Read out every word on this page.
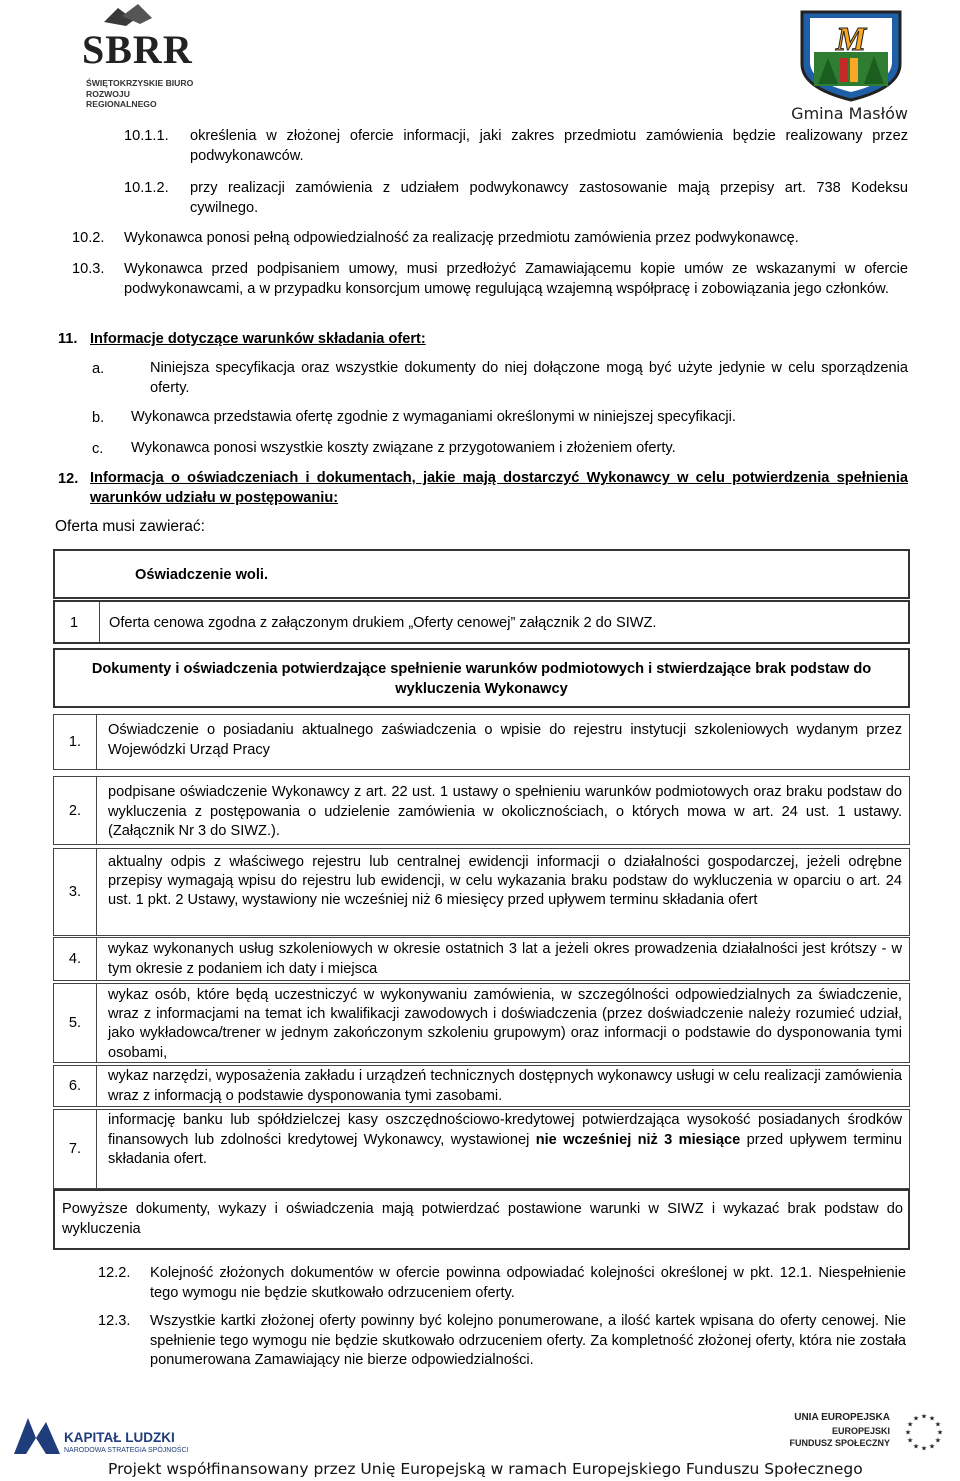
SBRR
ŚWIĘTOKRZYSKIE BIURO
ROZWOJU REGIONALNEGO
M
Gmina Masłów
10.1.1. określenia w złożonej ofercie informacji, jaki zakres przedmiotu zamówienia będzie realizowany przez podwykonawców.
10.1.2. przy realizacji zamówienia z udziałem podwykonawcy zastosowanie mają przepisy art. 738 Kodeksu cywilnego.
10.2. Wykonawca ponosi pełną odpowiedzialność za realizację przedmiotu zamówienia przez podwykonawcę.
10.3. Wykonawca przed podpisaniem umowy, musi przedłożyć Zamawiającemu kopie umów ze wskazanymi w ofercie podwykonawcami, a w przypadku konsorcjum umowę regulującą wzajemną współpracę i zobowiązania jego członków.
11. Informacje dotyczące warunków składania ofert:
a.	Niniejsza specyfikacja oraz wszystkie dokumenty do niej dołączone mogą być użyte jedynie w celu sporządzenia oferty.
b. Wykonawca przedstawia ofertę zgodnie z wymaganiami określonymi w niniejszej specyfikacji.
c. Wykonawca ponosi wszystkie koszty związane z przygotowaniem i złożeniem oferty.
12. Informacja o oświadczeniach i dokumentach, jakie mają dostarczyć Wykonawcy w celu potwierdzenia spełnienia warunków udziału w postępowaniu:
Oferta musi zawierać:
Oświadczenie woli.
1 Oferta cenowa zgodna z załączonym drukiem „Oferty cenowej” załącznik 2 do SIWZ.
Dokumenty i oświadczenia potwierdzające spełnienie warunków podmiotowych i stwierdzające brak podstaw do wykluczenia Wykonawcy
1.
Oświadczenie o posiadaniu aktualnego zaświadczenia o wpisie do rejestru instytucji szkoleniowych wydanym przez Wojewódzki Urząd Pracy
2.
podpisane oświadczenie Wykonawcy z art. 22 ust. 1 ustawy o spełnieniu warunków podmiotowych oraz braku podstaw do wykluczenia z postępowania o udzielenie zamówienia w okolicznościach, o których mowa w art. 24 ust. 1 ustawy. (Załącznik Nr 3 do SIWZ.).
3.
aktualny odpis z właściwego rejestru lub centralnej ewidencji informacji o działalności gospodarczej, jeżeli odrębne przepisy wymagają wpisu do rejestru lub ewidencji, w celu wykazania braku podstaw do wykluczenia w oparciu o art. 24 ust. 1 pkt. 2 Ustawy, wystawiony nie wcześniej niż 6 miesięcy przed upływem terminu składania ofert
4.
wykaz wykonanych usług szkoleniowych w okresie ostatnich 3 lat a jeżeli okres prowadzenia działalności jest krótszy - w tym okresie z podaniem ich daty i miejsca
5.
wykaz osób, które będą uczestniczyć w wykonywaniu zamówienia, w szczególności odpowiedzialnych za świadczenie, wraz z informacjami na temat ich kwalifikacji zawodowych i doświadczenia (przez doświadczenie należy rozumieć udział, jako wykładowca/trener w jednym zakończonym szkoleniu grupowym) oraz informacji o podstawie do dysponowania tymi osobami,
6.
wykaz narzędzi, wyposażenia zakładu i urządzeń technicznych dostępnych wykonawcy usługi w celu realizacji zamówienia wraz z informacją o podstawie dysponowania tymi zasobami.
7.
informację banku lub spółdzielczej kasy oszczędnościowo-kredytowej potwierdzająca wysokość posiadanych środków finansowych lub zdolności kredytowej Wykonawcy, wystawionej nie wcześniej niż 3 miesiące przed upływem terminu składania ofert.
Powyższe dokumenty, wykazy i oświadczenia mają potwierdzać postawione warunki w SIWZ i wykazać brak podstaw do wykluczenia
12.2. Kolejność złożonych dokumentów w ofercie powinna odpowiadać kolejności określonej w pkt. 12.1. Niespełnienie tego wymogu nie będzie skutkowało odrzuceniem oferty.
12.3. Wszystkie kartki złożonej oferty powinny być kolejno ponumerowane, a ilość kartek wpisana do oferty cenowej. Nie spełnienie tego wymogu nie będzie skutkowało odrzuceniem oferty. Za kompletność złożonej oferty, która nie została ponumerowana Zamawiający nie bierze odpowiedzialności.
KAPITAŁ LUDZKI
NARODOWA STRATEGIA SPÓJNOŚCI
UNIA EUROPEJSKA
EUROPEJSKI
FUNDUSZ SPOŁECZNY
★
★
★
★
★
★
★
★
★ ★ ★
★
Projekt współfinansowany przez Unię Europejską w ramach Europejskiego Funduszu Społecznego
